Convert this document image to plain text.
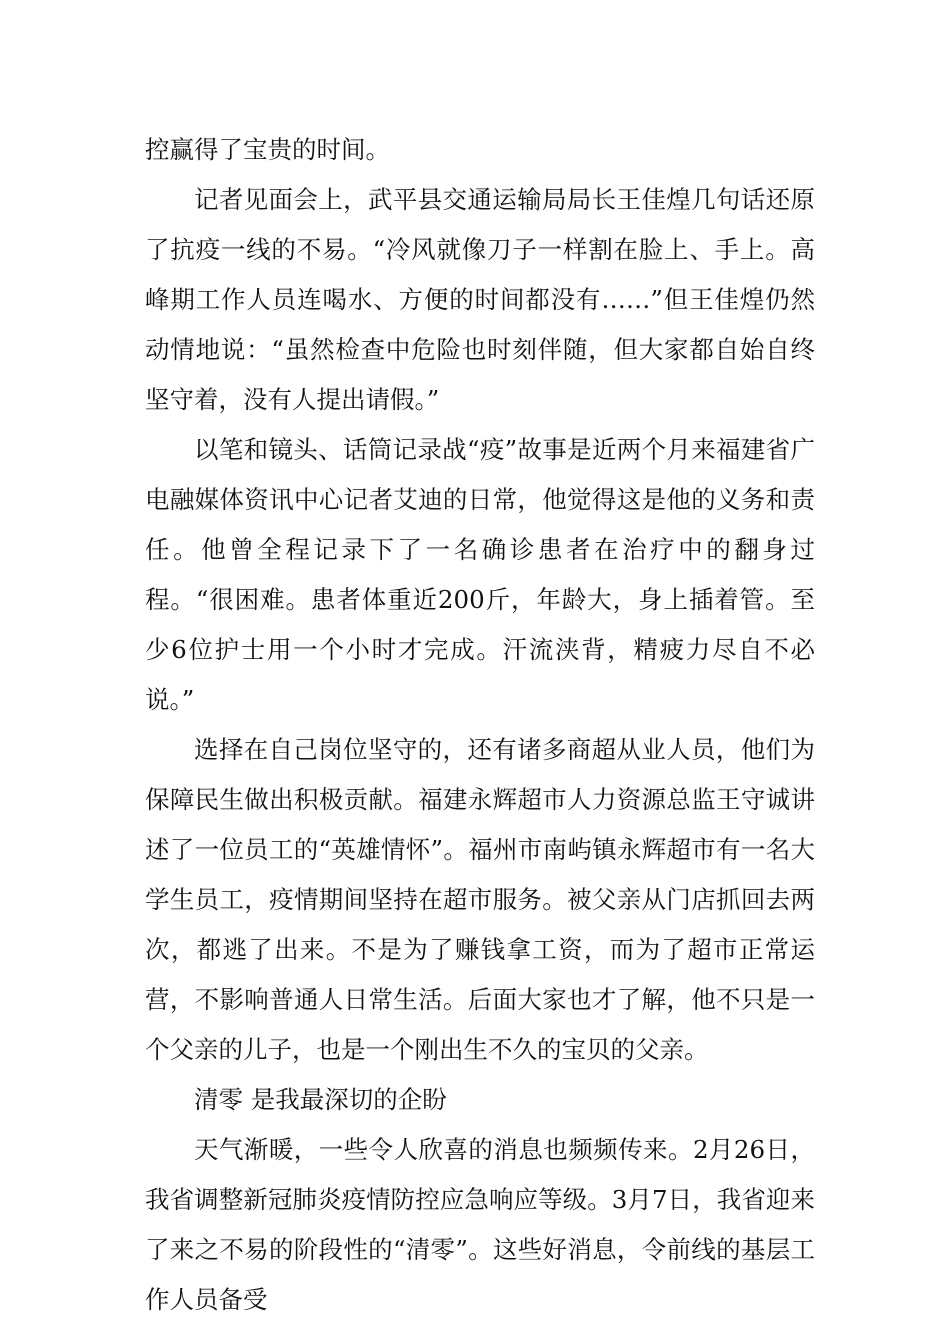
控赢得了宝贵的时间。

记者见面会上，武平县交通运输局局长王佳煌几句话还原了抗疫一线的不易。“冷风就像刀子一样割在脸上、手上。高峰期工作人员连喝水、方便的时间都没有……”但王佳煌仍然动情地说：“虽然检查中危险也时刻伴随，但大家都自始自终坚守着，没有人提出请假。”

以笔和镜头、话筒记录战“疫”故事是近两个月来福建省广电融媒体资讯中心记者艾迪的日常，他觉得这是他的义务和责任。他曾全程记录下了一名确诊患者在治疗中的翻身过程。“很困难。患者体重近200斤，年龄大，身上插着管。至少6位护士用一个小时才完成。汗流浃背，精疲力尽自不必说。”

选择在自己岗位坚守的，还有诸多商超从业人员，他们为保障民生做出积极贡献。福建永辉超市人力资源总监王守诚讲述了一位员工的“英雄情怀”。福州市南屿镇永辉超市有一名大学生员工，疫情期间坚持在超市服务。被父亲从门店抓回去两次，都逃了出来。不是为了赚钱拿工资，而为了超市正常运营，不影响普通人日常生活。后面大家也才了解，他不只是一个父亲的儿子，也是一个刚出生不久的宝贝的父亲。

清零 是我最深切的企盼

天气渐暖，一些令人欣喜的消息也频频传来。2月26日，我省调整新冠肺炎疫情防控应急响应等级。3月7日，我省迎来了来之不易的阶段性的“清零”。这些好消息，令前线的基层工作人员备受
